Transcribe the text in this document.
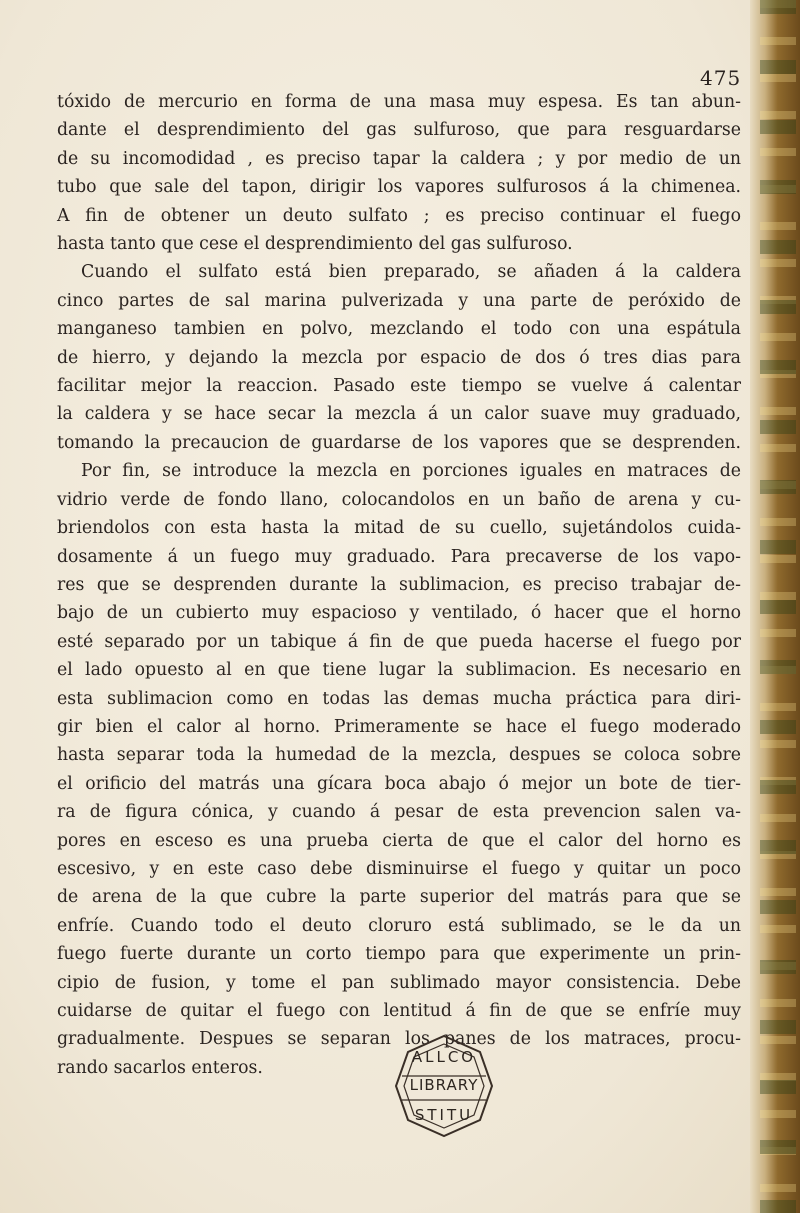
475
tóxido de mercurio en forma de una masa muy espesa. Es tan abun-
dante el desprendimiento del gas sulfuroso, que para resguardarse
de su incomodidad , es preciso tapar la caldera ; y por medio de un
tubo que sale del tapon, dirigir los vapores sulfurosos á la chimenea.
A fin de obtener un deuto sulfato ; es preciso continuar el fuego
hasta tanto que cese el desprendimiento del gas sulfuroso.
Cuando el sulfato está bien preparado, se añaden á la caldera
cinco partes de sal marina pulverizada y una parte de peróxido de
manganeso tambien en polvo, mezclando el todo con una espátula
de hierro, y dejando la mezcla por espacio de dos ó tres dias para
facilitar mejor la reaccion. Pasado este tiempo se vuelve á calentar
la caldera y se hace secar la mezcla á un calor suave muy graduado,
tomando la precaucion de guardarse de los vapores que se desprenden.
Por fin, se introduce la mezcla en porciones iguales en matraces de
vidrio verde de fondo llano, colocandolos en un baño de arena y cu-
briendolos con esta hasta la mitad de su cuello, sujetándolos cuida-
dosamente á un fuego muy graduado. Para precaverse de los vapo-
res que se desprenden durante la sublimacion, es preciso trabajar de-
bajo de un cubierto muy espacioso y ventilado, ó hacer que el horno
esté separado por un tabique á fin de que pueda hacerse el fuego por
el lado opuesto al en que tiene lugar la sublimacion. Es necesario en
esta sublimacion como en todas las demas mucha práctica para diri-
gir bien el calor al horno. Primeramente se hace el fuego moderado
hasta separar toda la humedad de la mezcla, despues se coloca sobre
el orificio del matrás una gícara boca abajo ó mejor un bote de tier-
ra de figura cónica, y cuando á pesar de esta prevencion salen va-
pores en esceso es una prueba cierta de que el calor del horno es
escesivo, y en este caso debe disminuirse el fuego y quitar un poco
de arena de la que cubre la parte superior del matrás para que se
enfríe. Cuando todo el deuto cloruro está sublimado, se le da un
fuego fuerte durante un corto tiempo para que experimente un prin-
cipio de fusion, y tome el pan sublimado mayor consistencia. Debe
cuidarse de quitar el fuego con lentitud á fin de que se enfríe muy
gradualmente. Despues se separan los panes de los matraces, procu-
rando sacarlos enteros.
ALLCO
LIBRARY
STITU
